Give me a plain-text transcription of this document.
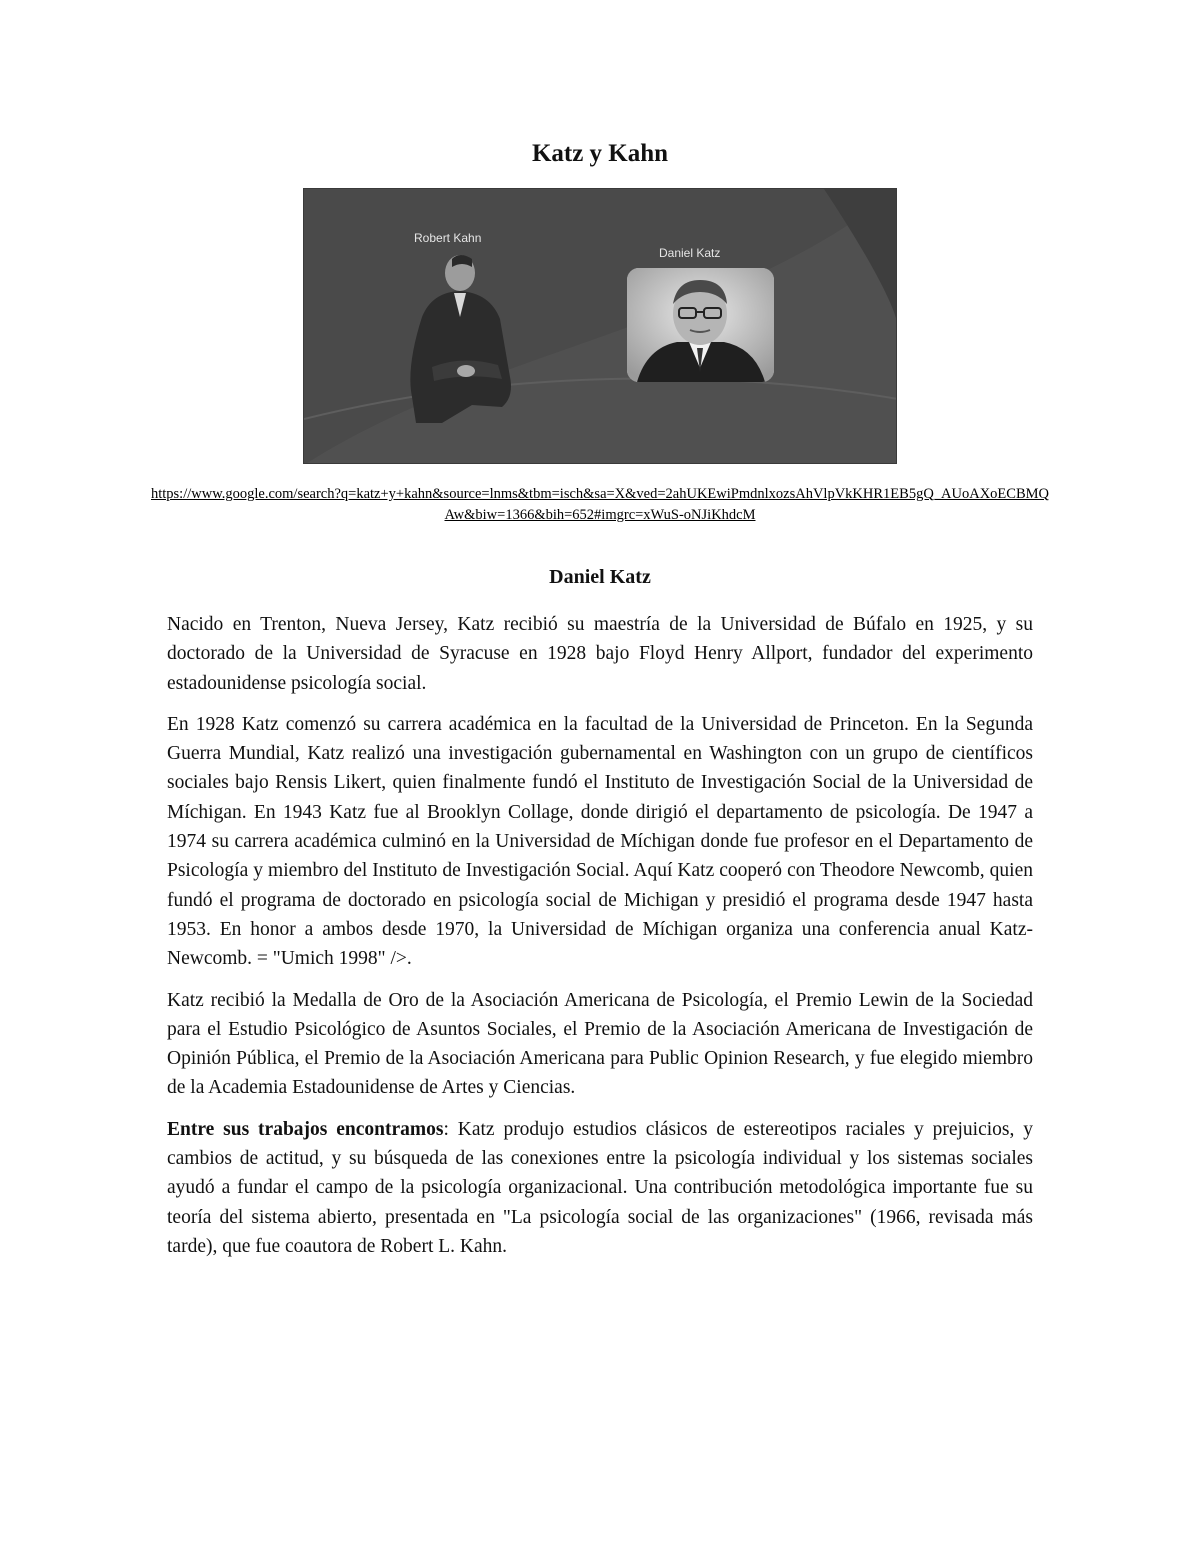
Katz y Kahn
Robert Kahn
Daniel Katz
https://www.google.com/search?q=katz+y+kahn&source=lnms&tbm=isch&sa=X&ved=2ahUKEwiPmdnlxozsAhVlpVkKHR1EB5gQ_AUoAXoECBMQAw&biw=1366&bih=652#imgrc=xWuS-oNJiKhdcM
Daniel Katz

Nacido en Trenton, Nueva Jersey, Katz recibió su maestría de la Universidad de Búfalo en 1925, y su doctorado de la Universidad de Syracuse en 1928 bajo Floyd Henry Allport, fundador del experimento estadounidense psicología social.

En 1928 Katz comenzó su carrera académica en la facultad de la Universidad de Princeton. En la Segunda Guerra Mundial, Katz realizó una investigación gubernamental en Washington con un grupo de científicos sociales bajo Rensis Likert, quien finalmente fundó el Instituto de Investigación Social de la Universidad de Míchigan. En 1943 Katz fue al Brooklyn Collage, donde dirigió el departamento de psicología. De 1947 a 1974 su carrera académica culminó en la Universidad de Míchigan donde fue profesor en el Departamento de Psicología y miembro del Instituto de Investigación Social. Aquí Katz cooperó con Theodore Newcomb, quien fundó el programa de doctorado en psicología social de Michigan y presidió el programa desde 1947 hasta 1953. En honor a ambos desde 1970, la Universidad de Míchigan organiza una conferencia anual Katz-Newcomb. = "Umich 1998" />.

Katz recibió la Medalla de Oro de la Asociación Americana de Psicología, el Premio Lewin de la Sociedad para el Estudio Psicológico de Asuntos Sociales, el Premio de la Asociación Americana de Investigación de Opinión Pública, el Premio de la Asociación Americana para Public Opinion Research, y fue elegido miembro de la Academia Estadounidense de Artes y Ciencias.

Entre sus trabajos encontramos: Katz produjo estudios clásicos de estereotipos raciales y prejuicios, y cambios de actitud, y su búsqueda de las conexiones entre la psicología individual y los sistemas sociales ayudó a fundar el campo de la psicología organizacional. Una contribución metodológica importante fue su teoría del sistema abierto, presentada en "La psicología social de las organizaciones" (1966, revisada más tarde), que fue coautora de Robert L. Kahn.
